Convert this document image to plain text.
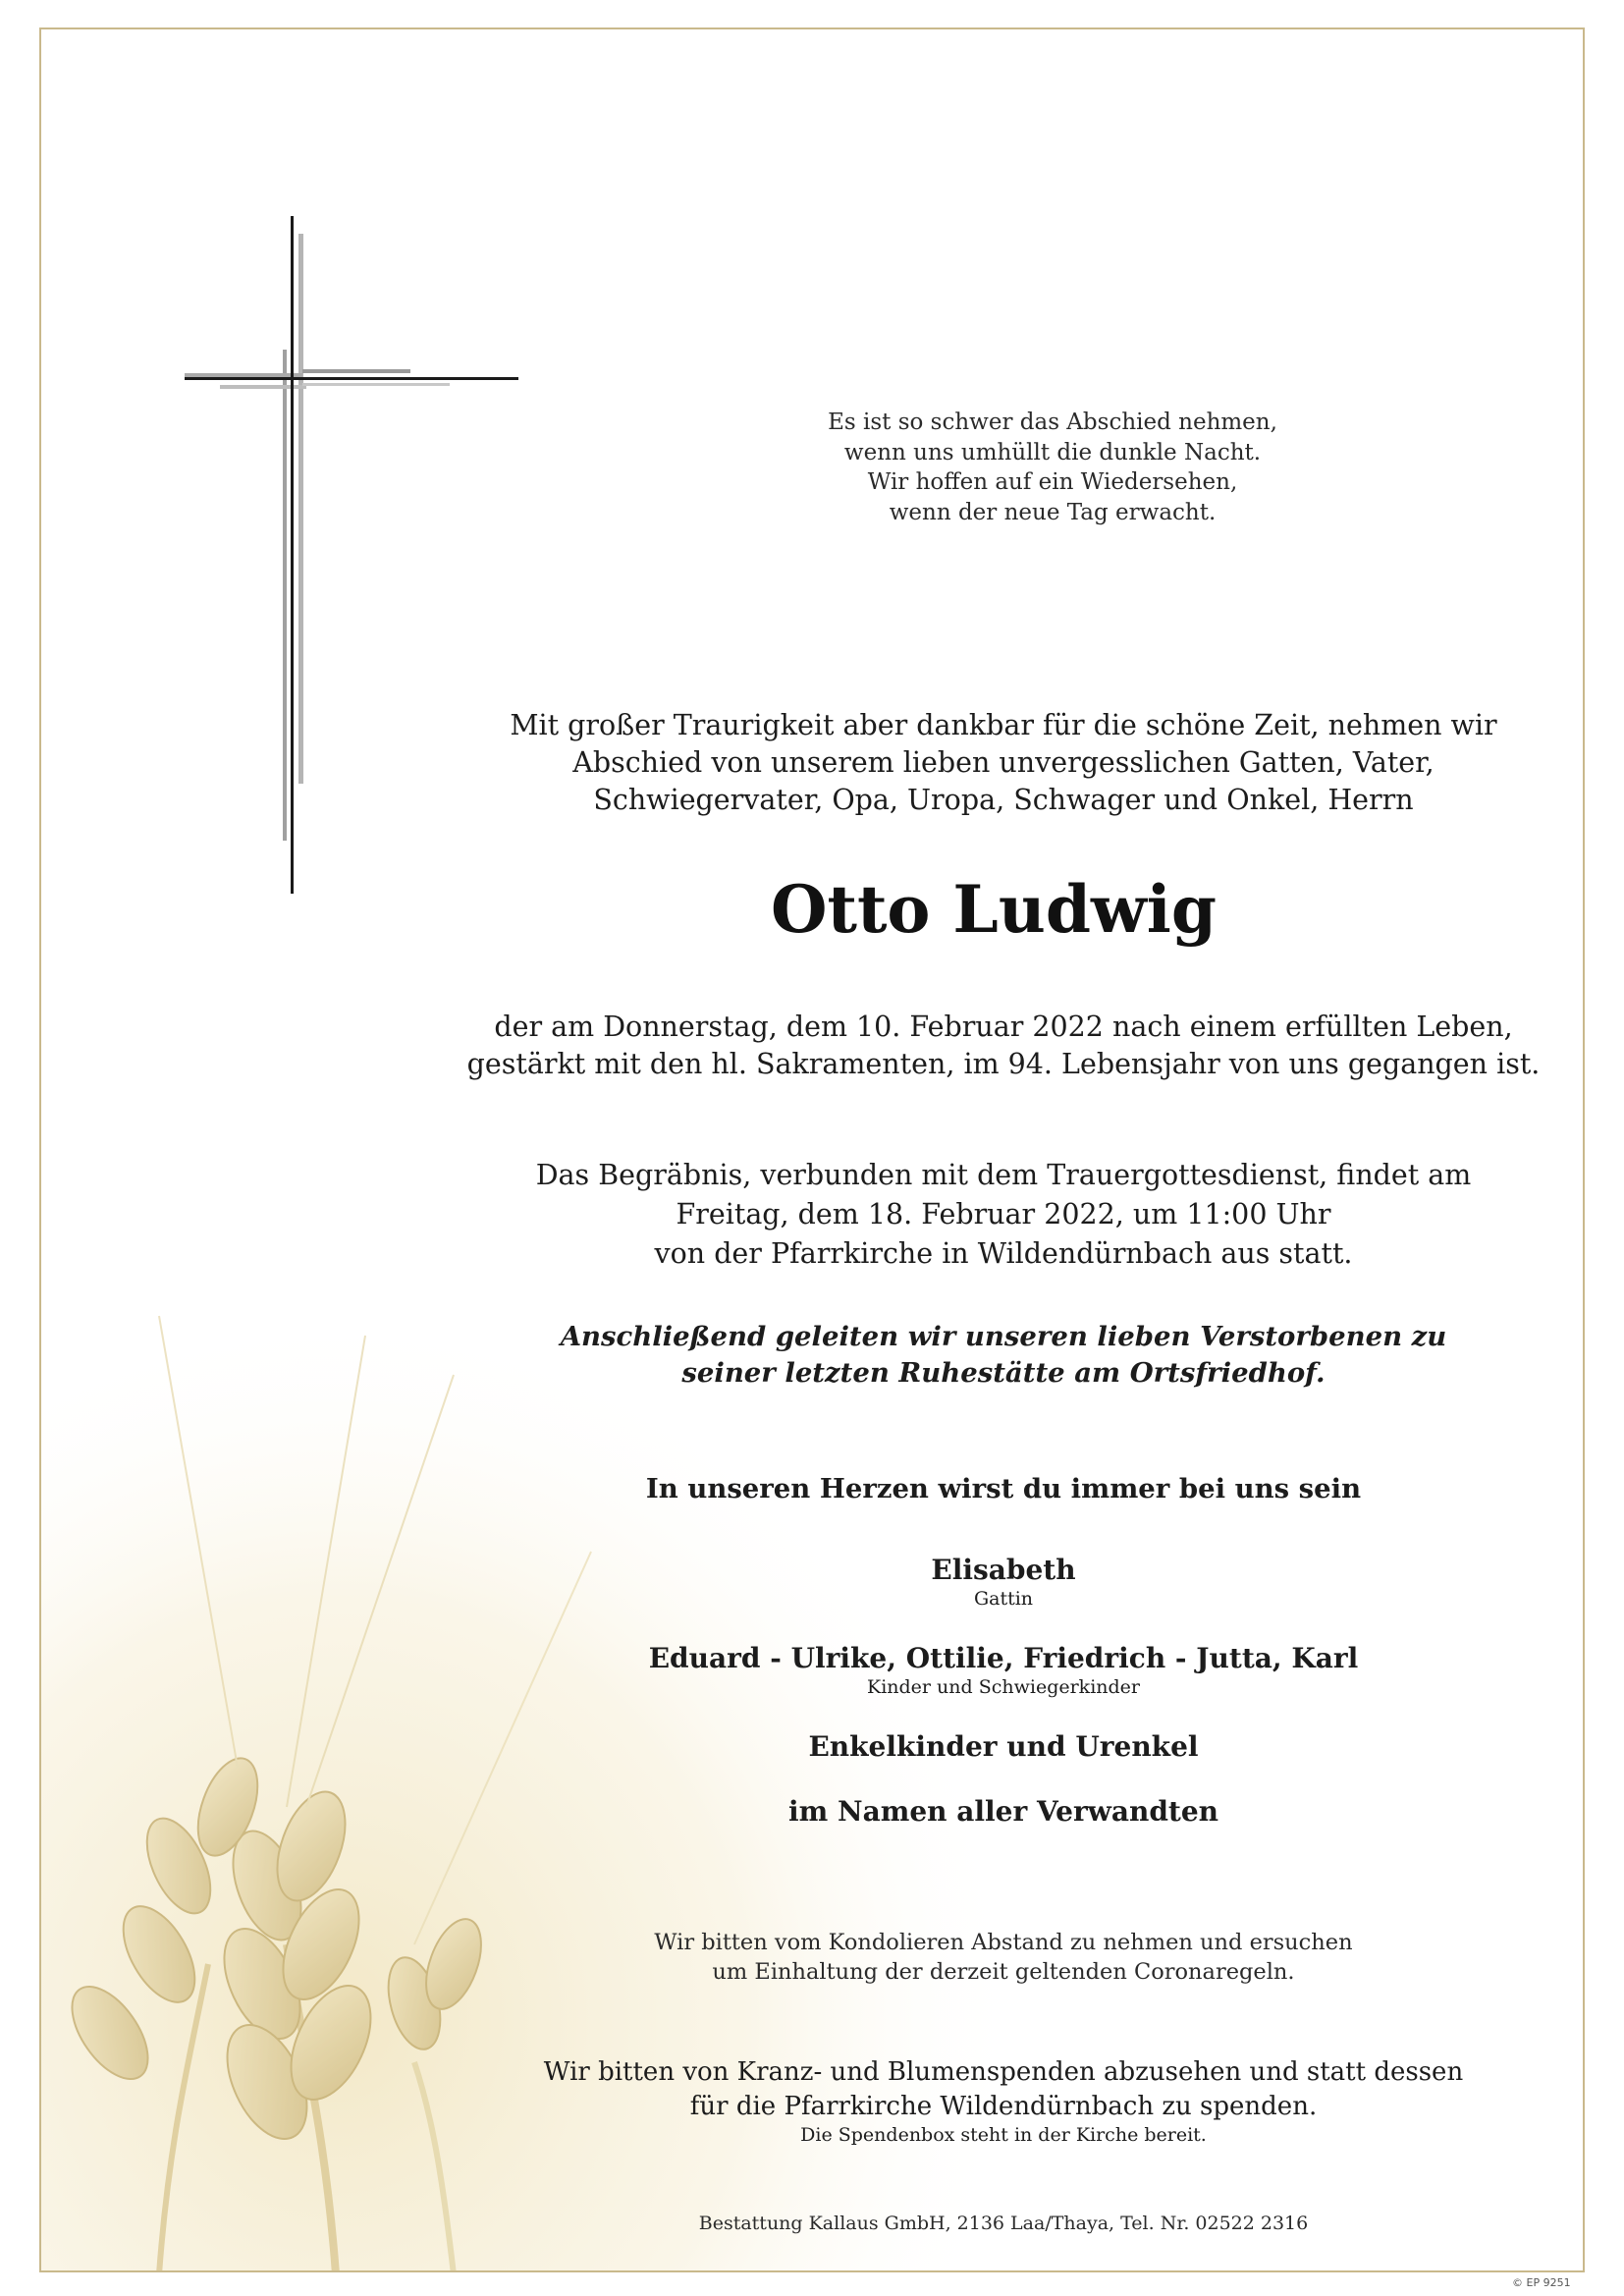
Es ist so schwer das Abschied nehmen,
wenn uns umhüllt die dunkle Nacht.
Wir hoffen auf ein Wiedersehen,
wenn der neue Tag erwacht.
Mit großer Traurigkeit aber dankbar für die schöne Zeit, nehmen wir
Abschied von unserem lieben unvergesslichen Gatten, Vater,
Schwiegervater, Opa, Uropa, Schwager und Onkel, Herrn
Otto Ludwig
der am Donnerstag, dem 10. Februar 2022 nach einem erfüllten Leben,
gestärkt mit den hl. Sakramenten, im 94. Lebensjahr von uns gegangen ist.
Das Begräbnis, verbunden mit dem Trauergottesdienst, findet am
Freitag, dem 18. Februar 2022, um 11:00 Uhr
von der Pfarrkirche in Wildendürnbach aus statt.
Anschließend geleiten wir unseren lieben Verstorbenen zu
seiner letzten Ruhestätte am Ortsfriedhof.
In unseren Herzen wirst du immer bei uns sein
Elisabeth
Gattin
Eduard - Ulrike, Ottilie, Friedrich - Jutta, Karl
Kinder und Schwiegerkinder
Enkelkinder und Urenkel
im Namen aller Verwandten
Wir bitten vom Kondolieren Abstand zu nehmen und ersuchen
um Einhaltung der derzeit geltenden Coronaregeln.
Wir bitten von Kranz- und Blumenspenden abzusehen und statt dessen
für die Pfarrkirche Wildendürnbach zu spenden.
Die Spendenbox steht in der Kirche bereit.
Bestattung Kallaus GmbH, 2136 Laa/Thaya, Tel. Nr. 02522 2316
© EP 9251
